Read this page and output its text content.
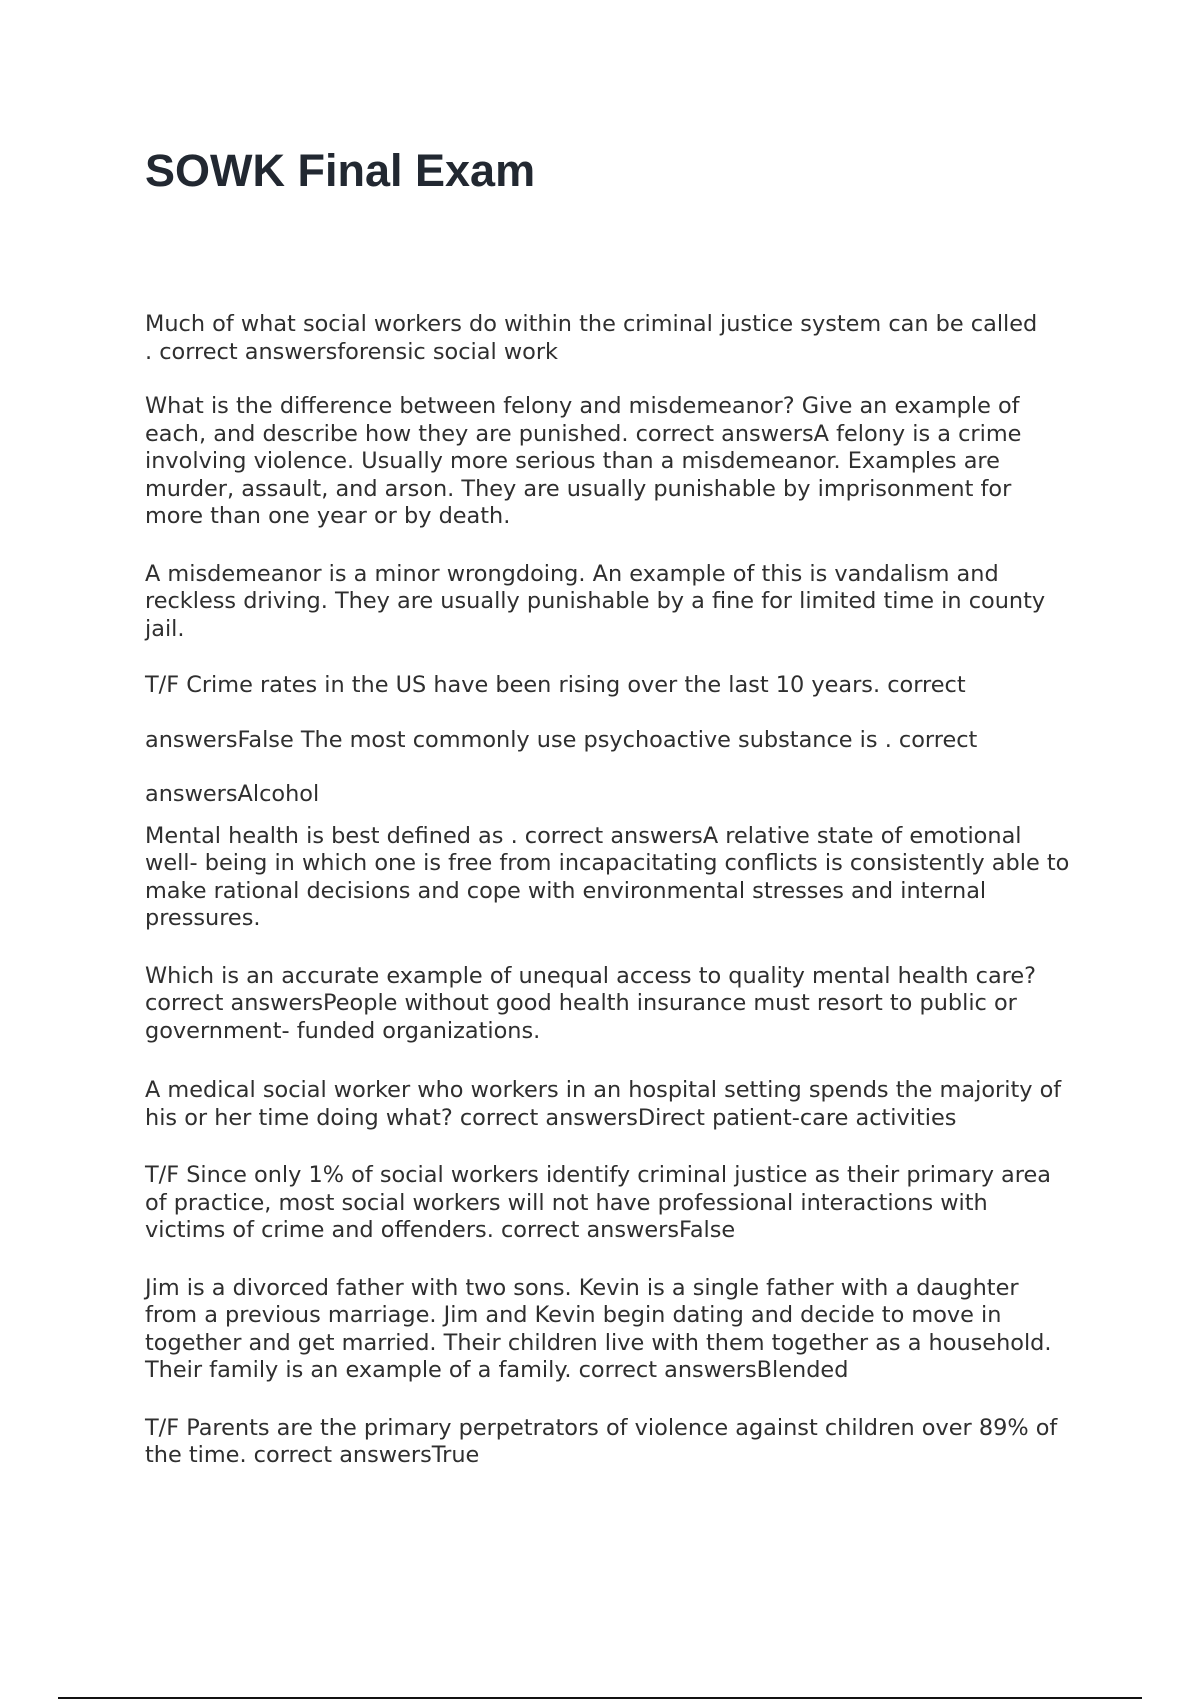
SOWK Final Exam

Much of what social workers do within the criminal justice system can be called
. correct answersforensic social work

What is the difference between felony and misdemeanor? Give an example of each, and describe how they are punished. correct answersA felony is a crime involving violence. Usually more serious than a misdemeanor. Examples are murder, assault, and arson. They are usually punishable by imprisonment for more than one year or by death.

A misdemeanor is a minor wrongdoing. An example of this is vandalism and reckless driving. They are usually punishable by a fine for limited time in county jail.

T/F Crime rates in the US have been rising over the last 10 years. correct

answersFalse The most commonly use psychoactive substance is . correct

answersAlcohol

Mental health is best defined as . correct answersA relative state of emotional well- being in which one is free from incapacitating conflicts is consistently able to make rational decisions and cope with environmental stresses and internal pressures.

Which is an accurate example of unequal access to quality mental health care? correct answersPeople without good health insurance must resort to public or government- funded organizations.

A medical social worker who workers in an hospital setting spends the majority of his or her time doing what? correct answersDirect patient-care activities

T/F Since only 1% of social workers identify criminal justice as their primary area of practice, most social workers will not have professional interactions with victims of crime and offenders. correct answersFalse

Jim is a divorced father with two sons. Kevin is a single father with a daughter from a previous marriage. Jim and Kevin begin dating and decide to move in together and get married. Their children live with them together as a household. Their family is an example of a family. correct answersBlended

T/F Parents are the primary perpetrators of violence against children over 89% of the time. correct answersTrue
